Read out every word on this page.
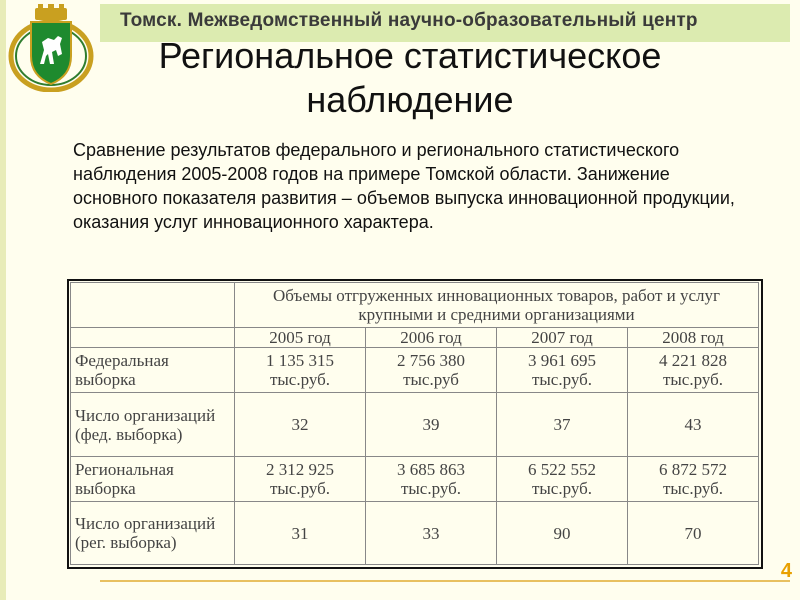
Томск. Межведомственный научно-образовательный центр
Региональное статистическое наблюдение
Сравнение результатов федерального и регионального статистического наблюдения 2005-2008 годов на примере Томской области. Занижение основного показателя развития – объемов выпуска инновационной продукции, оказания услуг инновационного характера.
	Объемы отгружeнных инновационных товаров, работ и услуг крупными и средними организациями			
	2005 год	2006 год	2007 год	2008 год
Федеральная выборка	1 135 315 тыс.руб.	2 756 380 тыс.руб	3 961 695 тыс.руб.	4 221 828 тыс.руб.
Число организаций (фед. выборка)	32	39	37	43
Региональная выборка	2 312 925 тыс.руб.	3 685 863 тыс.руб.	6 522 552 тыс.руб.	6 872 572 тыс.руб.
Число организаций (рег. выборка)	31	33	90	70
4
